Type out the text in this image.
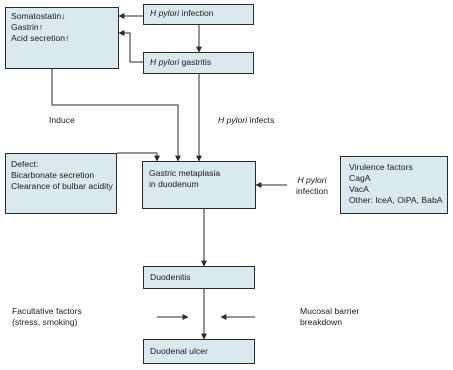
H pylori infection
Somatostatin↓
Gastrin↑
Acid secretion↑
H pylori gastritis
Defect:
Bicarbonate secretion
Clearance of bulbar acidity
Gastric metaplasia
in duodenum
Virulence factors
CagA
VacA
Other: IceA, OiPA, BabA
Duodenitis
Duodenal ulcer
Induce	H pylori infects
H pylori
infection
Facultative factors
(stress, smoking)
Mucosal barrier
breakdown
